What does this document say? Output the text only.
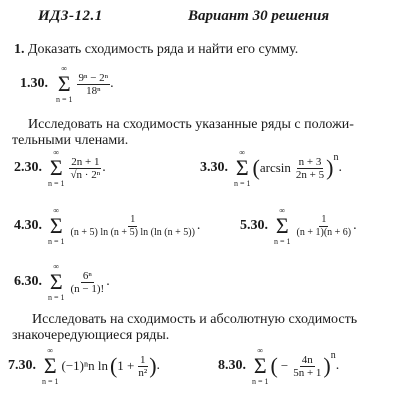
ИДЗ-12.1	Вариант 30 решения
1. Доказать сходимость ряда и найти его сумму.
1.30.
∞
Σ
n = 1
$\frac{\text{9ⁿ − 2ⁿ}}{\text{18ⁿ}}$ .
Исследовать на сходимость указанные ряды с положи-
тельными членами.
2.30.
∞
Σ
n = 1
$\frac{2n + 1}{\text{√n · 2ⁿ}}$ .	3.30.
∞
Σ
n = 1
( $\arcsin \frac{n + 3}{2n + 5} )^n$
.
4.30.
∞
Σ
n = 1
$\frac{1}{(n + 5) \ln (n + 5) \ln (\ln (n + 5))}$ .	5.30.
∞
Σ
n = 1
$\frac{1}{(n + 1)(n + 6)}$ .
6.30.
∞
Σ
n = 1
$\frac{\text{6ⁿ}}{(n - 1)!}$ .
Исследовать на сходимость и абсолютную сходимость
знакочередующиеся ряды.
7.30.
∞
Σ
n = 1
(−1)ⁿn ln ( $1 + \frac{1}{\text{n²}}$ ) .	8.30.
∞
Σ
n = 1
( − $\frac{4n}{5n + 1} )^n$
.
